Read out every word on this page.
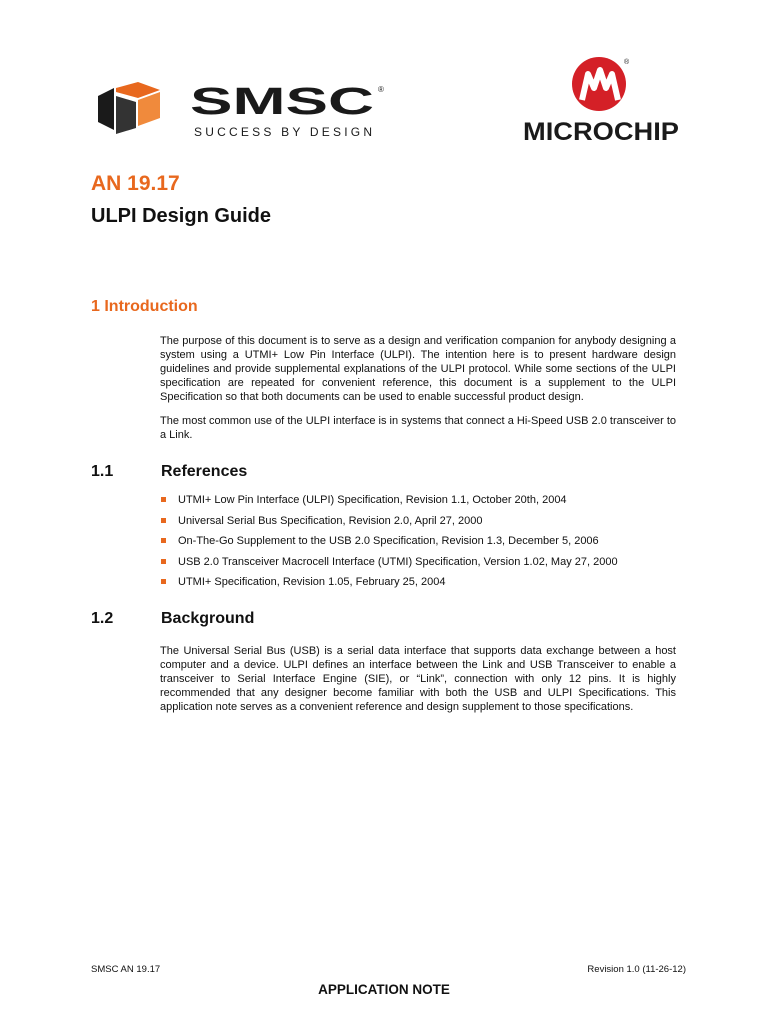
SMSC ®
SUCCESS BY DESIGN
®
MICROCHIP
AN 19.17
ULPI Design Guide
1 Introduction

The purpose of this document is to serve as a design and verification companion for anybody designing a system using a UTMI+ Low Pin Interface (ULPI). The intention here is to present hardware design guidelines and provide supplemental explanations of the ULPI protocol. While some sections of the ULPI specification are repeated for convenient reference, this document is a supplement to the ULPI Specification so that both documents can be used to enable successful product design.

The most common use of the ULPI interface is in systems that connect a Hi-Speed USB 2.0 transceiver to a Link.

1.1	References
UTMI+ Low Pin Interface (ULPI) Specification, Revision 1.1, October 20th, 2004
Universal Serial Bus Specification, Revision 2.0, April 27, 2000
On-The-Go Supplement to the USB 2.0 Specification, Revision 1.3, December 5, 2006
USB 2.0 Transceiver Macrocell Interface (UTMI) Specification, Version 1.02, May 27, 2000
UTMI+ Specification, Revision 1.05, February 25, 2004
1.2	Background

The Universal Serial Bus (USB) is a serial data interface that supports data exchange between a host computer and a device. ULPI defines an interface between the Link and USB Transceiver to enable a transceiver to Serial Interface Engine (SIE), or “Link”, connection with only 12 pins. It is highly recommended that any designer become familiar with both the USB and ULPI Specifications. This application note serves as a convenient reference and design supplement to those specifications.

SMSC AN 19.17	Revision 1.0 (11-26-12)
APPLICATION NOTE
